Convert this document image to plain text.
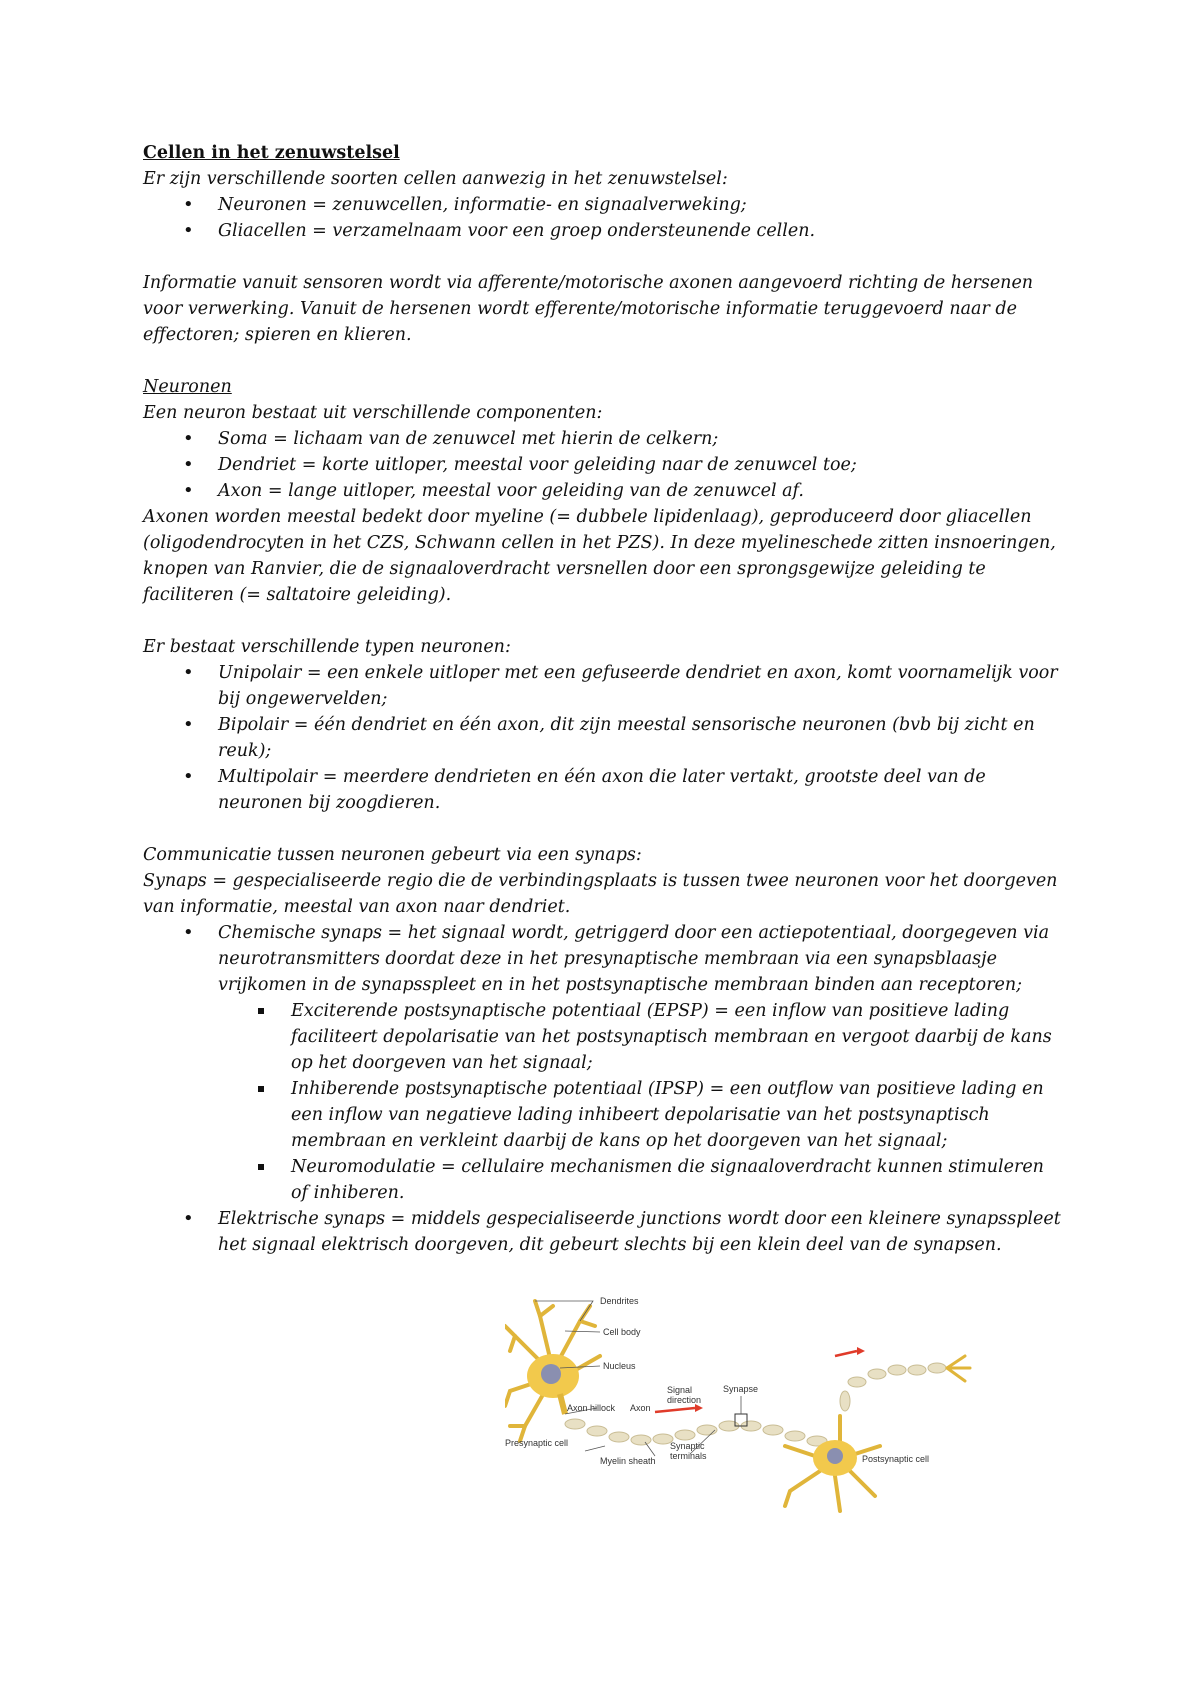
Cellen in het zenuwstelsel

Er zijn verschillende soorten cellen aanwezig in het zenuwstelsel:

• Neuronen = zenuwcellen, informatie- en signaalverweking;
• Gliacellen = verzamelnaam voor een groep ondersteunende cellen.

Informatie vanuit sensoren wordt via afferente/motorische axonen aangevoerd richting de hersenen voor verwerking. Vanuit de hersenen wordt efferente/motorische informatie teruggevoerd naar de effectoren; spieren en klieren.

Neuronen

Een neuron bestaat uit verschillende componenten:

• Soma = lichaam van de zenuwcel met hierin de celkern;
• Dendriet = korte uitloper, meestal voor geleiding naar de zenuwcel toe;
• Axon = lange uitloper, meestal voor geleiding van de zenuwcel af.

Axonen worden meestal bedekt door myeline (= dubbele lipidenlaag), geproduceerd door gliacellen (oligodendrocyten in het CZS, Schwann cellen in het PZS). In deze myelineschede zitten insnoeringen, knopen van Ranvier, die de signaaloverdracht versnellen door een sprongsgewijze geleiding te faciliteren (= saltatoire geleiding).

Er bestaat verschillende typen neuronen:

• Unipolair = een enkele uitloper met een gefuseerde dendriet en axon, komt voornamelijk voor bij ongewervelden;
• Bipolair = één dendriet en één axon, dit zijn meestal sensorische neuronen (bvb bij zicht en reuk);
• Multipolair = meerdere dendrieten en één axon die later vertakt, grootste deel van de neuronen bij zoogdieren.

Communicatie tussen neuronen gebeurt via een synaps:

Synaps = gespecialiseerde regio die de verbindingsplaats is tussen twee neuronen voor het doorgeven van informatie, meestal van axon naar dendriet.

• Chemische synaps = het signaal wordt, getriggerd door een actiepotentiaal, doorgegeven via neurotransmitters doordat deze in het presynaptische membraan via een synapsblaasje vrijkomen in de synapsspleet en in het postsynaptische membraan binden aan receptoren;
Exciterende postsynaptische potentiaal (EPSP) = een inflow van positieve lading faciliteert depolarisatie van het postsynaptisch membraan en vergoot daarbij de kans op het doorgeven van het signaal;
Inhiberende postsynaptische potentiaal (IPSP) = een outflow van positieve lading en een inflow van negatieve lading inhibeert depolarisatie van het postsynaptisch membraan en verkleint daarbij de kans op het doorgeven van het signaal;
Neuromodulatie = cellulaire mechanismen die signaaloverdracht kunnen stimuleren of inhiberen.
• Elektrische synaps = middels gespecialiseerde junctions wordt door een kleinere synapsspleet het signaal elektrisch doorgeven, dit gebeurt slechts bij een klein deel van de synapsen.
Dendrites
Cell body
Nucleus
Axon hillock Axon
Signal
direction
Synapse
Presynaptic cell
Myelin sheath
Synaptic
terminals	Postsynaptic cell
